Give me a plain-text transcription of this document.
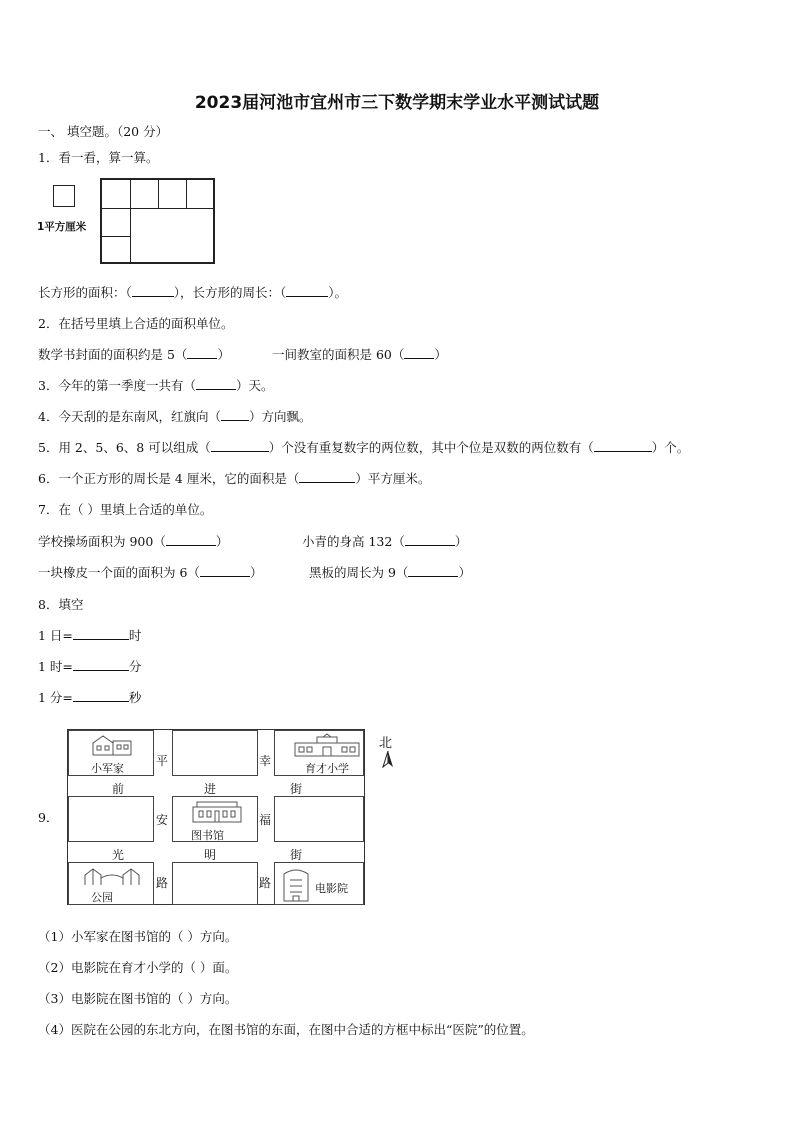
2023届河池市宜州市三下数学期末学业水平测试试题
一、 填空题。（20 分）
1．看一看，算一算。
1平方厘米
长方形的面积：（	），长方形的周长：（	）。
2．在括号里填上合适的面积单位。
数学书封面的面积约是 5（ ）	一间教室的面积是 60（ ）
3．今年的第一季度一共有（	）天。
4．今天刮的是东南风，红旗向（ ）方向飘。
5．用 2、5、6、8 可以组成（	）个没有重复数字的两位数，其中个位是双数的两位数有（	）个。
6．一个正方形的周长是 4 厘米，它的面积是（	）平方厘米。
7．在（ ）里填上合适的单位。
学校操场面积为 900（	）	小青的身高 132（	）
一块橡皮一个面的面积为 6（	）	黑板的周长为 9（	）
8．填空
1 日=	时
1 时=	分
1 分=	秒
9．
小军家	育才小学
图书馆
公园
电影院
平
安
路
幸
福
路
前	进	街
光	明	街
北
（1）小军家在图书馆的（ ）方向。
（2）电影院在育才小学的（ ）面。
（3）电影院在图书馆的（ ）方向。
（4）医院在公园的东北方向，在图书馆的东面，在图中合适的方框中标出“医院”的位置。
